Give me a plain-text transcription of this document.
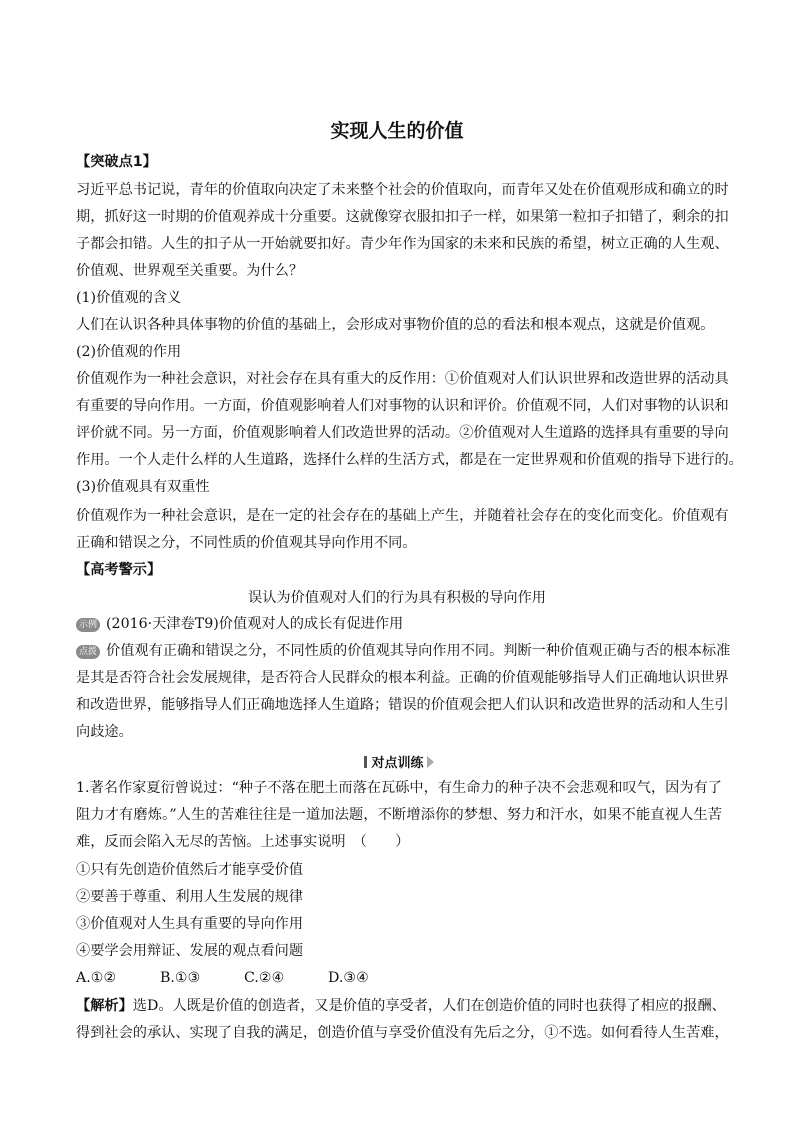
实现人生的价值
【突破点1】
习近平总书记说，青年的价值取向决定了未来整个社会的价值取向，而青年又处在价值观形成和确立的时
期，抓好这一时期的价值观养成十分重要。这就像穿衣服扣扣子一样，如果第一粒扣子扣错了，剩余的扣
子都会扣错。人生的扣子从一开始就要扣好。青少年作为国家的未来和民族的希望，树立正确的人生观、
价值观、世界观至关重要。为什么？
(1)价值观的含义
人们在认识各种具体事物的价值的基础上，会形成对事物价值的总的看法和根本观点，这就是价值观。
(2)价值观的作用
价值观作为一种社会意识，对社会存在具有重大的反作用：①价值观对人们认识世界和改造世界的活动具
有重要的导向作用。一方面，价值观影响着人们对事物的认识和评价。价值观不同，人们对事物的认识和
评价就不同。另一方面，价值观影响着人们改造世界的活动。②价值观对人生道路的选择具有重要的导向
作用。一个人走什么样的人生道路，选择什么样的生活方式，都是在一定世界观和价值观的指导下进行的。
(3)价值观具有双重性
价值观作为一种社会意识，是在一定的社会存在的基础上产生，并随着社会存在的变化而变化。价值观有
正确和错误之分，不同性质的价值观其导向作用不同。
【高考警示】
误认为价值观对人们的行为具有积极的导向作用
示例 (2016·天津卷T9)价值观对人的成长有促进作用
点拨 价值观有正确和错误之分，不同性质的价值观其导向作用不同。判断一种价值观正确与否的根本标准
是其是否符合社会发展规律，是否符合人民群众的根本利益。正确的价值观能够指导人们正确地认识世界
和改造世界，能够指导人们正确地选择人生道路；错误的价值观会把人们认识和改造世界的活动和人生引
向歧途。
对点训练
1.著名作家夏衍曾说过：“种子不落在肥土而落在瓦砾中，有生命力的种子决不会悲观和叹气，因为有了
阻力才有磨炼。”人生的苦难往往是一道加法题，不断增添你的梦想、努力和汗水，如果不能直视人生苦
难，反而会陷入无尽的苦恼。上述事实说明　（　　）
①只有先创造价值然后才能享受价值
②要善于尊重、利用人生发展的规律
③价值观对人生具有重要的导向作用
④要学会用辩证、发展的观点看问题
A.①②	B.①③	C.②④	D.③④
【解析】选D。人既是价值的创造者，又是价值的享受者，人们在创造价值的同时也获得了相应的报酬、
得到社会的承认、实现了自我的满足，创造价值与享受价值没有先后之分，①不选。如何看待人生苦难，
